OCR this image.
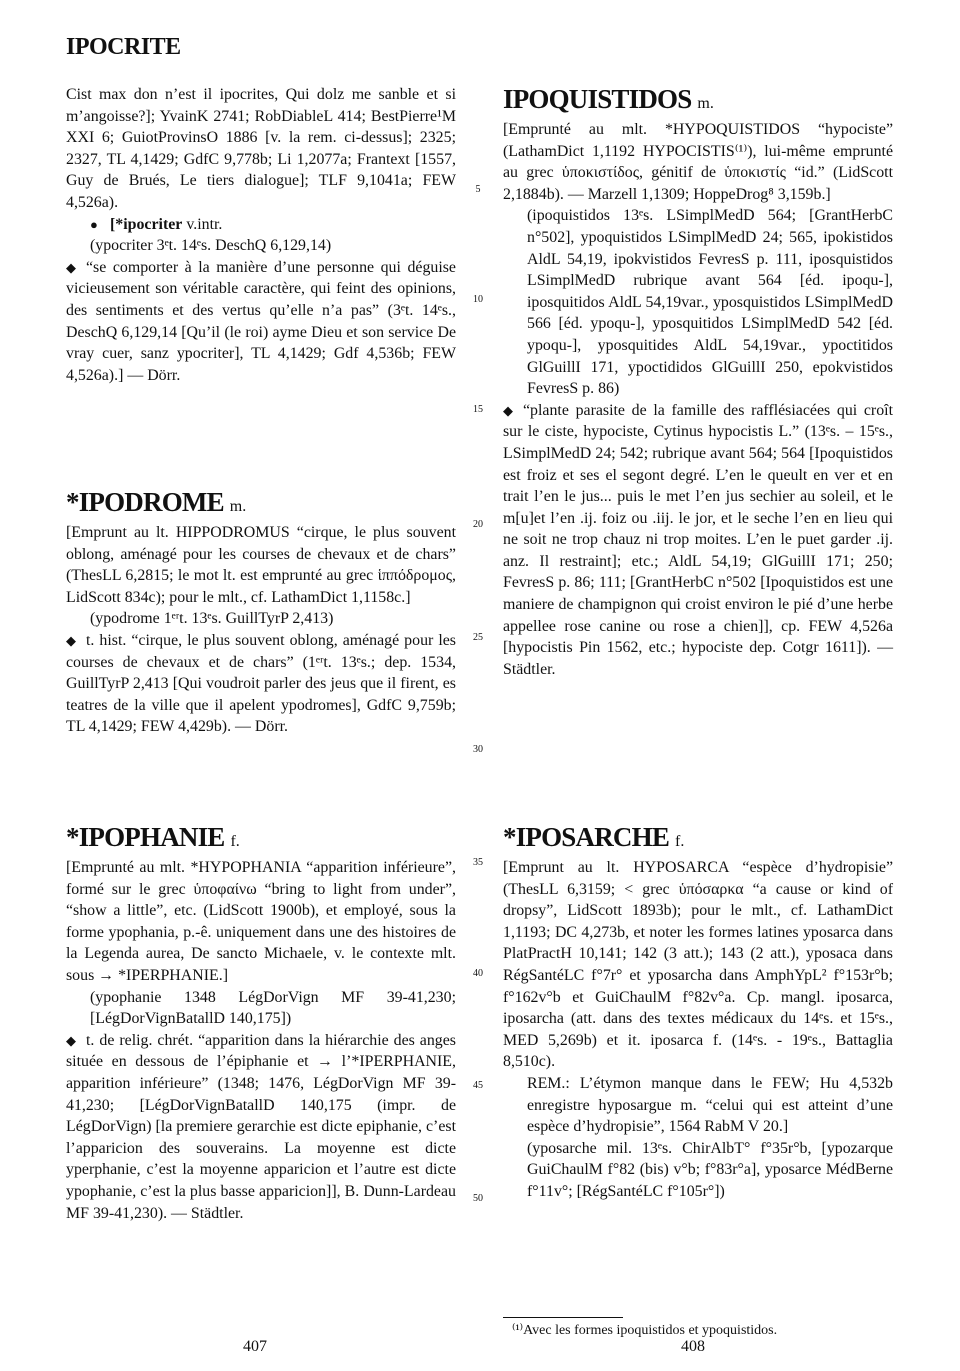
IPOCRITE

Cist max don n’est il ipocrites, Qui dolz me sanble et si m’angoisse?]; YvainK 2741; RobDiableL 414; BestPierre¹M XXI 6; GuiotProvinsO 1886 [v. la rem. ci-dessus]; 2325; 2327, TL 4,1429; GdfC 9,778b; Li 1,2077a; Frantext [1557, Guy de Brués, Le tiers dialogue]; TLF 9,1041a; FEW 4,526a).

● [*ipocriter v.intr.

(ypocriter 3ᵉt. 14ᵉs. DeschQ 6,129,14)

◆ “se comporter à la manière d’une personne qui déguise vicieusement son véritable caractère, qui feint des opinions, des sentiments et des vertus qu’elle n’a pas” (3ᵉt. 14ᵉs., DeschQ 6,129,14 [Qu’il (le roi) ayme Dieu et son service De vray cuer, sanz ypocriter], TL 4,1429; Gdf 4,536b; FEW 4,526a).] — Dörr.

*IPODROME m.

[Emprunt au lt. HIPPODROMUS “cirque, le plus souvent oblong, aménagé pour les courses de chevaux et de chars” (ThesLL 6,2815; le mot lt. est emprunté au grec ἱππόδρομος, LidScott 834c); pour le mlt., cf. LathamDict 1,1158c.]

(ypodrome 1ᵉʳt. 13ᵉs. GuillTyrP 2,413)

◆ t. hist. “cirque, le plus souvent oblong, aménagé pour les courses de chevaux et de chars” (1ᵉʳt. 13ᵉs.; dep. 1534, GuillTyrP 2,413 [Qui voudroit parler des jeus que il firent, es teatres de la ville que il apelent ypodromes], GdfC 9,759b; TL 4,1429; FEW 4,429b). — Dörr.

*IPOPHANIE f.

[Emprunté au mlt. *HYPOPHANIA “apparition inférieure”, formé sur le grec ὑποφαίνω “bring to light from under”, “show a little”, etc. (LidScott 1900b), et employé, sous la forme ypophania, p.-ê. uniquement dans une des histoires de la Legenda aurea, De sancto Michaele, v. le contexte mlt. sous → *IPERPHANIE.]

(ypophanie 1348 LégDorVign MF 39-41,230; [LégDorVignBatallD 140,175])

◆ t. de relig. chrét. “apparition dans la hiérarchie des anges située en dessous de l’épiphanie et → l’*IPERPHANIE, apparition inférieure” (1348; 1476, LégDorVign MF 39-41,230; [LégDorVignBatallD 140,175 (impr. de LégDorVign) [la premiere gerarchie est dicte epiphanie, c’est l’apparicion des souverains. La moyenne est dicte yperphanie, c’est la moyenne apparicion et l’autre est dicte ypophanie, c’est la plus basse apparicion]], B. Dunn-Lardeau MF 39-41,230). — Städtler.

5
10
15
20
25
30
35
40
45
50
IPOQUISTIDOS m.

[Emprunté au mlt. *HYPOQUISTIDOS “hypociste” (LathamDict 1,1192 HYPOCISTIS⁽¹⁾), lui-même emprunté au grec ὑποκιστίδος, génitif de ὑποκιστίς “id.” (LidScott 2,1884b). — Marzell 1,1309; HoppeDrog⁸ 3,159b.]

(ipoquistidos 13ᵉs. LSimplMedD 564; [GrantHerbC n°502], ypoquistidos LSimplMedD 24; 565, ipokistidos AldL 54,19, ipokvistidos FevresS p. 111, iposquistidos LSimplMedD rubrique avant 564 [éd. ipoqu-], iposquitidos AldL 54,19var., yposquistidos LSimplMedD 566 [éd. ypoqu-], yposquitidos LSimplMedD 542 [éd. ypoqu-], yposquitides AldL 54,19var., ypoctitidos GlGuillI 171, ypoctididos GlGuillI 250, epokvistidos FevresS p. 86)

◆ “plante parasite de la famille des rafflésiacées qui croît sur le ciste, hypociste, Cytinus hypocistis L.” (13ᵉs. – 15ᵉs., LSimplMedD 24; 542; rubrique avant 564; 564 [Ipoquistidos est froiz et ses el segont degré. L’en le queult en ver et en trait l’en le jus... puis le met l’en jus sechier au soleil, et le m[u]et l’en .ij. foiz ou .iij. le jor, et le seche l’en en lieu qui ne soit ne trop chauz ni trop moites. L’en le puet garder .ij. anz. Il restraint]; etc.; AldL 54,19; GlGuillI 171; 250; FevresS p. 86; 111; [GrantHerbC n°502 [Ipoquistidos est une maniere de champignon qui croist environ le pié d’une herbe appellee rose canine ou rose a chien]], cp. FEW 4,526a [hypocistis Pin 1562, etc.; hypociste dep. Cotgr 1611]). — Städtler.

*IPOSARCHE f.

[Emprunt au lt. HYPOSARCA “espèce d’hydropisie” (ThesLL 6,3159; < grec ὑπόσαρκα “a cause or kind of dropsy”, LidScott 1893b); pour le mlt., cf. LathamDict 1,1193; DC 4,273b, et noter les formes latines yposarca dans PlatPractH 10,141; 142 (3 att.); 143 (2 att.), yposaca dans RégSantéLC f°7r° et yposarcha dans AmphYpL² f°153r°b; f°162v°b et GuiChaulM f°82v°a. Cp. mangl. iposarca, iposarcha (att. dans des textes médicaux du 14ᵉs. et 15ᵉs., MED 5,269b) et it. iposarca f. (14ᵉs. - 19ᵉs., Battaglia 8,510c).

REM.: L’étymon manque dans le FEW; Hu 4,532b enregistre hyposargue m. “celui qui est atteint d’une espèce d’hydropisie”, 1564 RabM V 20.]

(yposarche mil. 13ᵉs. ChirAlbT° f°35r°b, [ypozarque GuiChaulM f°82 (bis) v°b; f°83r°a], yposarce MédBerne f°11v°; [RégSantéLC f°105r°])

⁽¹⁾Avec les formes ipoquistidos et ypoquistidos.
407	408
